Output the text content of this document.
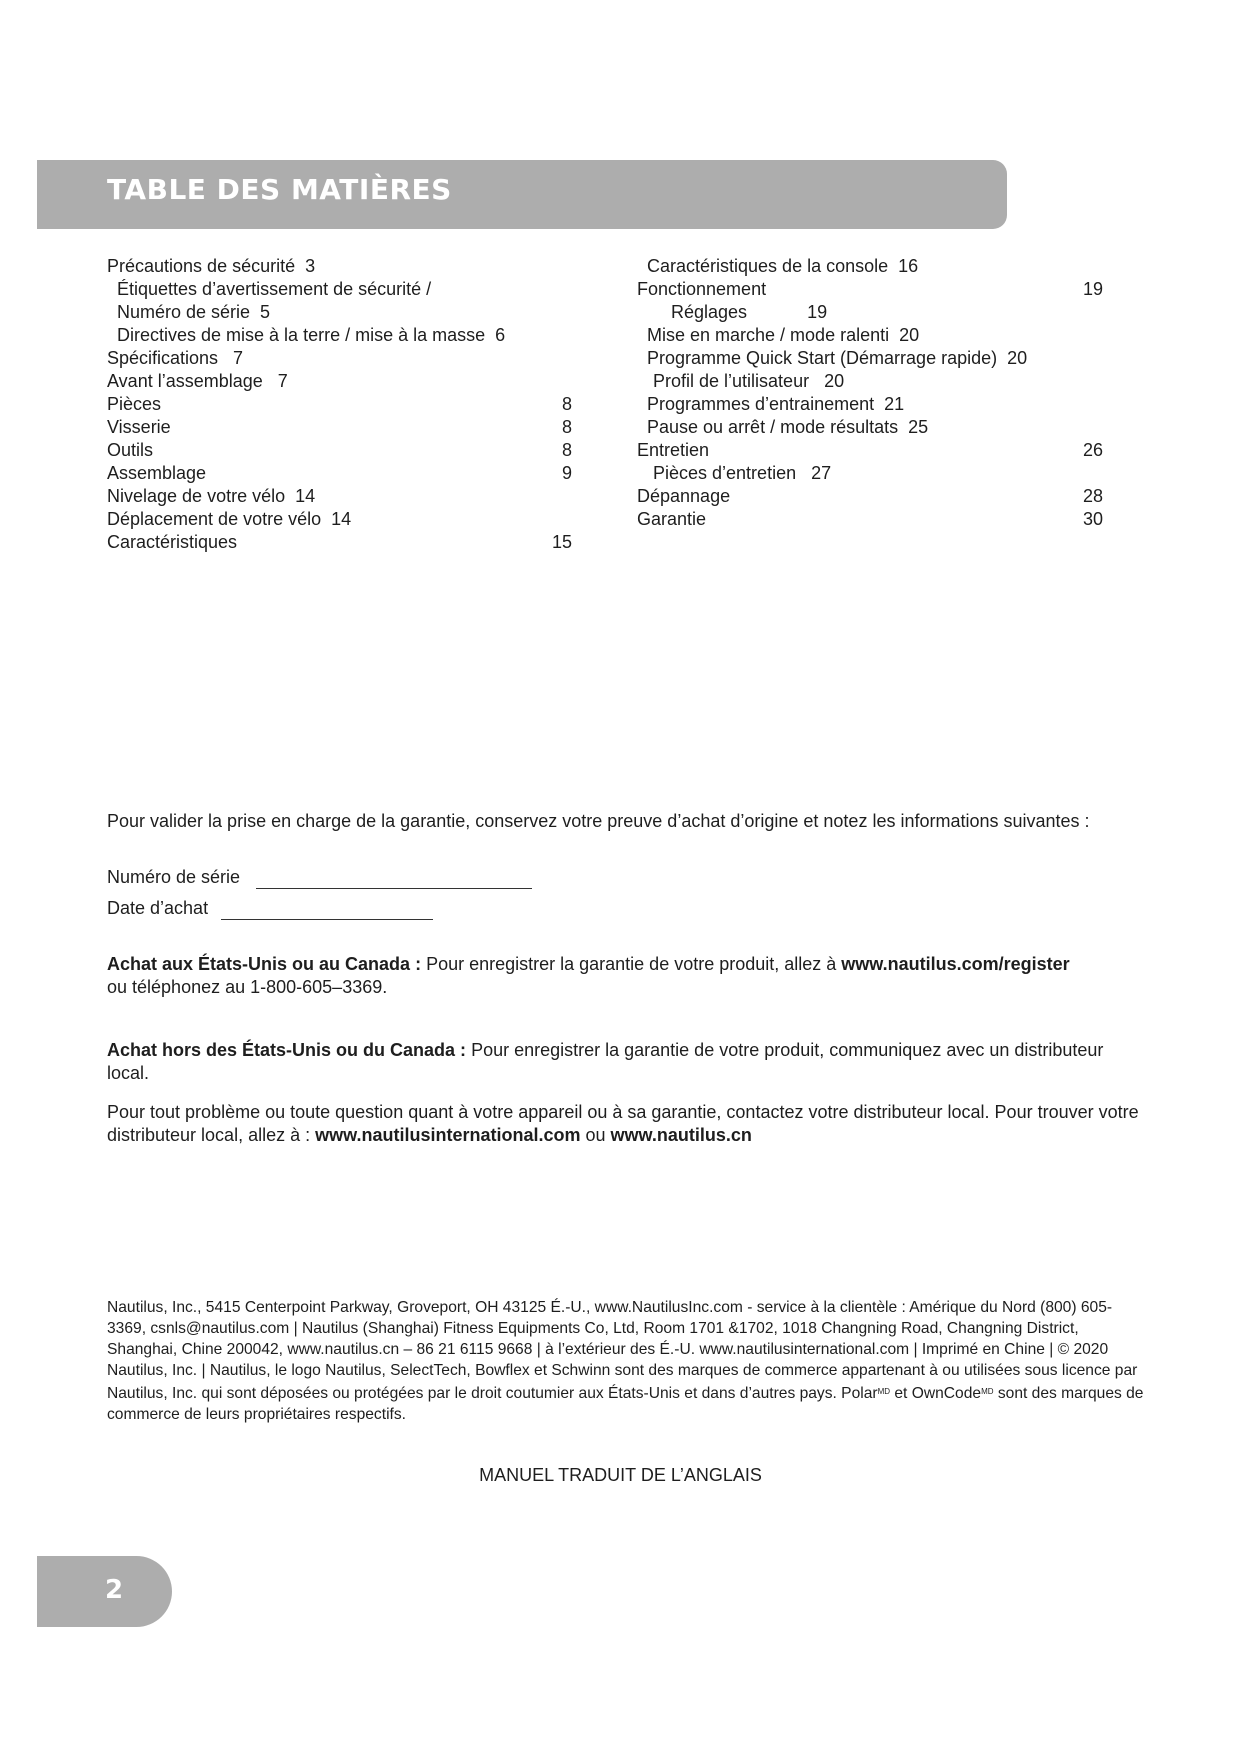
TABLE DES MATIÈRES
Précautions de sécurité  3
Étiquettes d’avertissement de sécurité /
Numéro de série  5
Directives de mise à la terre / mise à la masse  6
Spécifications   7
Avant l’assemblage   7
Pièces	8
Visserie	8
Outils	8
Assemblage	9
Nivelage de votre vélo  14
Déplacement de votre vélo  14
Caractéristiques	15
Caractéristiques de la console  16
Fonctionnement	19
Réglages            19
Mise en marche / mode ralenti  20
Programme Quick Start (Démarrage rapide)  20
Profil de l’utilisateur   20
Programmes d’entrainement  21
Pause ou arrêt / mode résultats  25
Entretien	26
Pièces d’entretien   27
Dépannage	28
Garantie	30
Pour valider la prise en charge de la garantie, conservez votre preuve d’achat d’origine et notez les informations suivantes :
Numéro de série
Date d’achat
Achat aux États-Unis ou au Canada : Pour enregistrer la garantie de votre produit, allez à www.nautilus.com/register
ou téléphonez au 1-800-605–3369.
Achat hors des États-Unis ou du Canada : Pour enregistrer la garantie de votre produit, communiquez avec un distributeur local.
Pour tout problème ou toute question quant à votre appareil ou à sa garantie, contactez votre distributeur local. Pour trouver votre distributeur local, allez à : www.nautilusinternational.com ou www.nautilus.cn
Nautilus, Inc., 5415 Centerpoint Parkway, Groveport, OH 43125 É.-U., www.NautilusInc.com - service à la clientèle : Amérique du Nord (800) 605-3369, csnls@nautilus.com | Nautilus (Shanghai) Fitness Equipments Co, Ltd, Room 1701 &1702, 1018 Changning Road, Changning District, Shanghai, Chine 200042, www.nautilus.cn – 86 21 6115 9668 | à l’extérieur des É.-U. www.nautilusinternational.com | Imprimé en Chine | © 2020 Nautilus, Inc. | Nautilus, le logo Nautilus, SelectTech, Bowflex et Schwinn sont des marques de commerce appartenant à ou utilisées sous licence par Nautilus, Inc. qui sont déposées ou protégées par le droit coutumier aux États-Unis et dans d’autres pays. Polar$^{MD}$ et OwnCode$^{MD}$ sont des marques de commerce de leurs propriétaires respectifs.
MANUEL TRADUIT DE L’ANGLAIS
2
